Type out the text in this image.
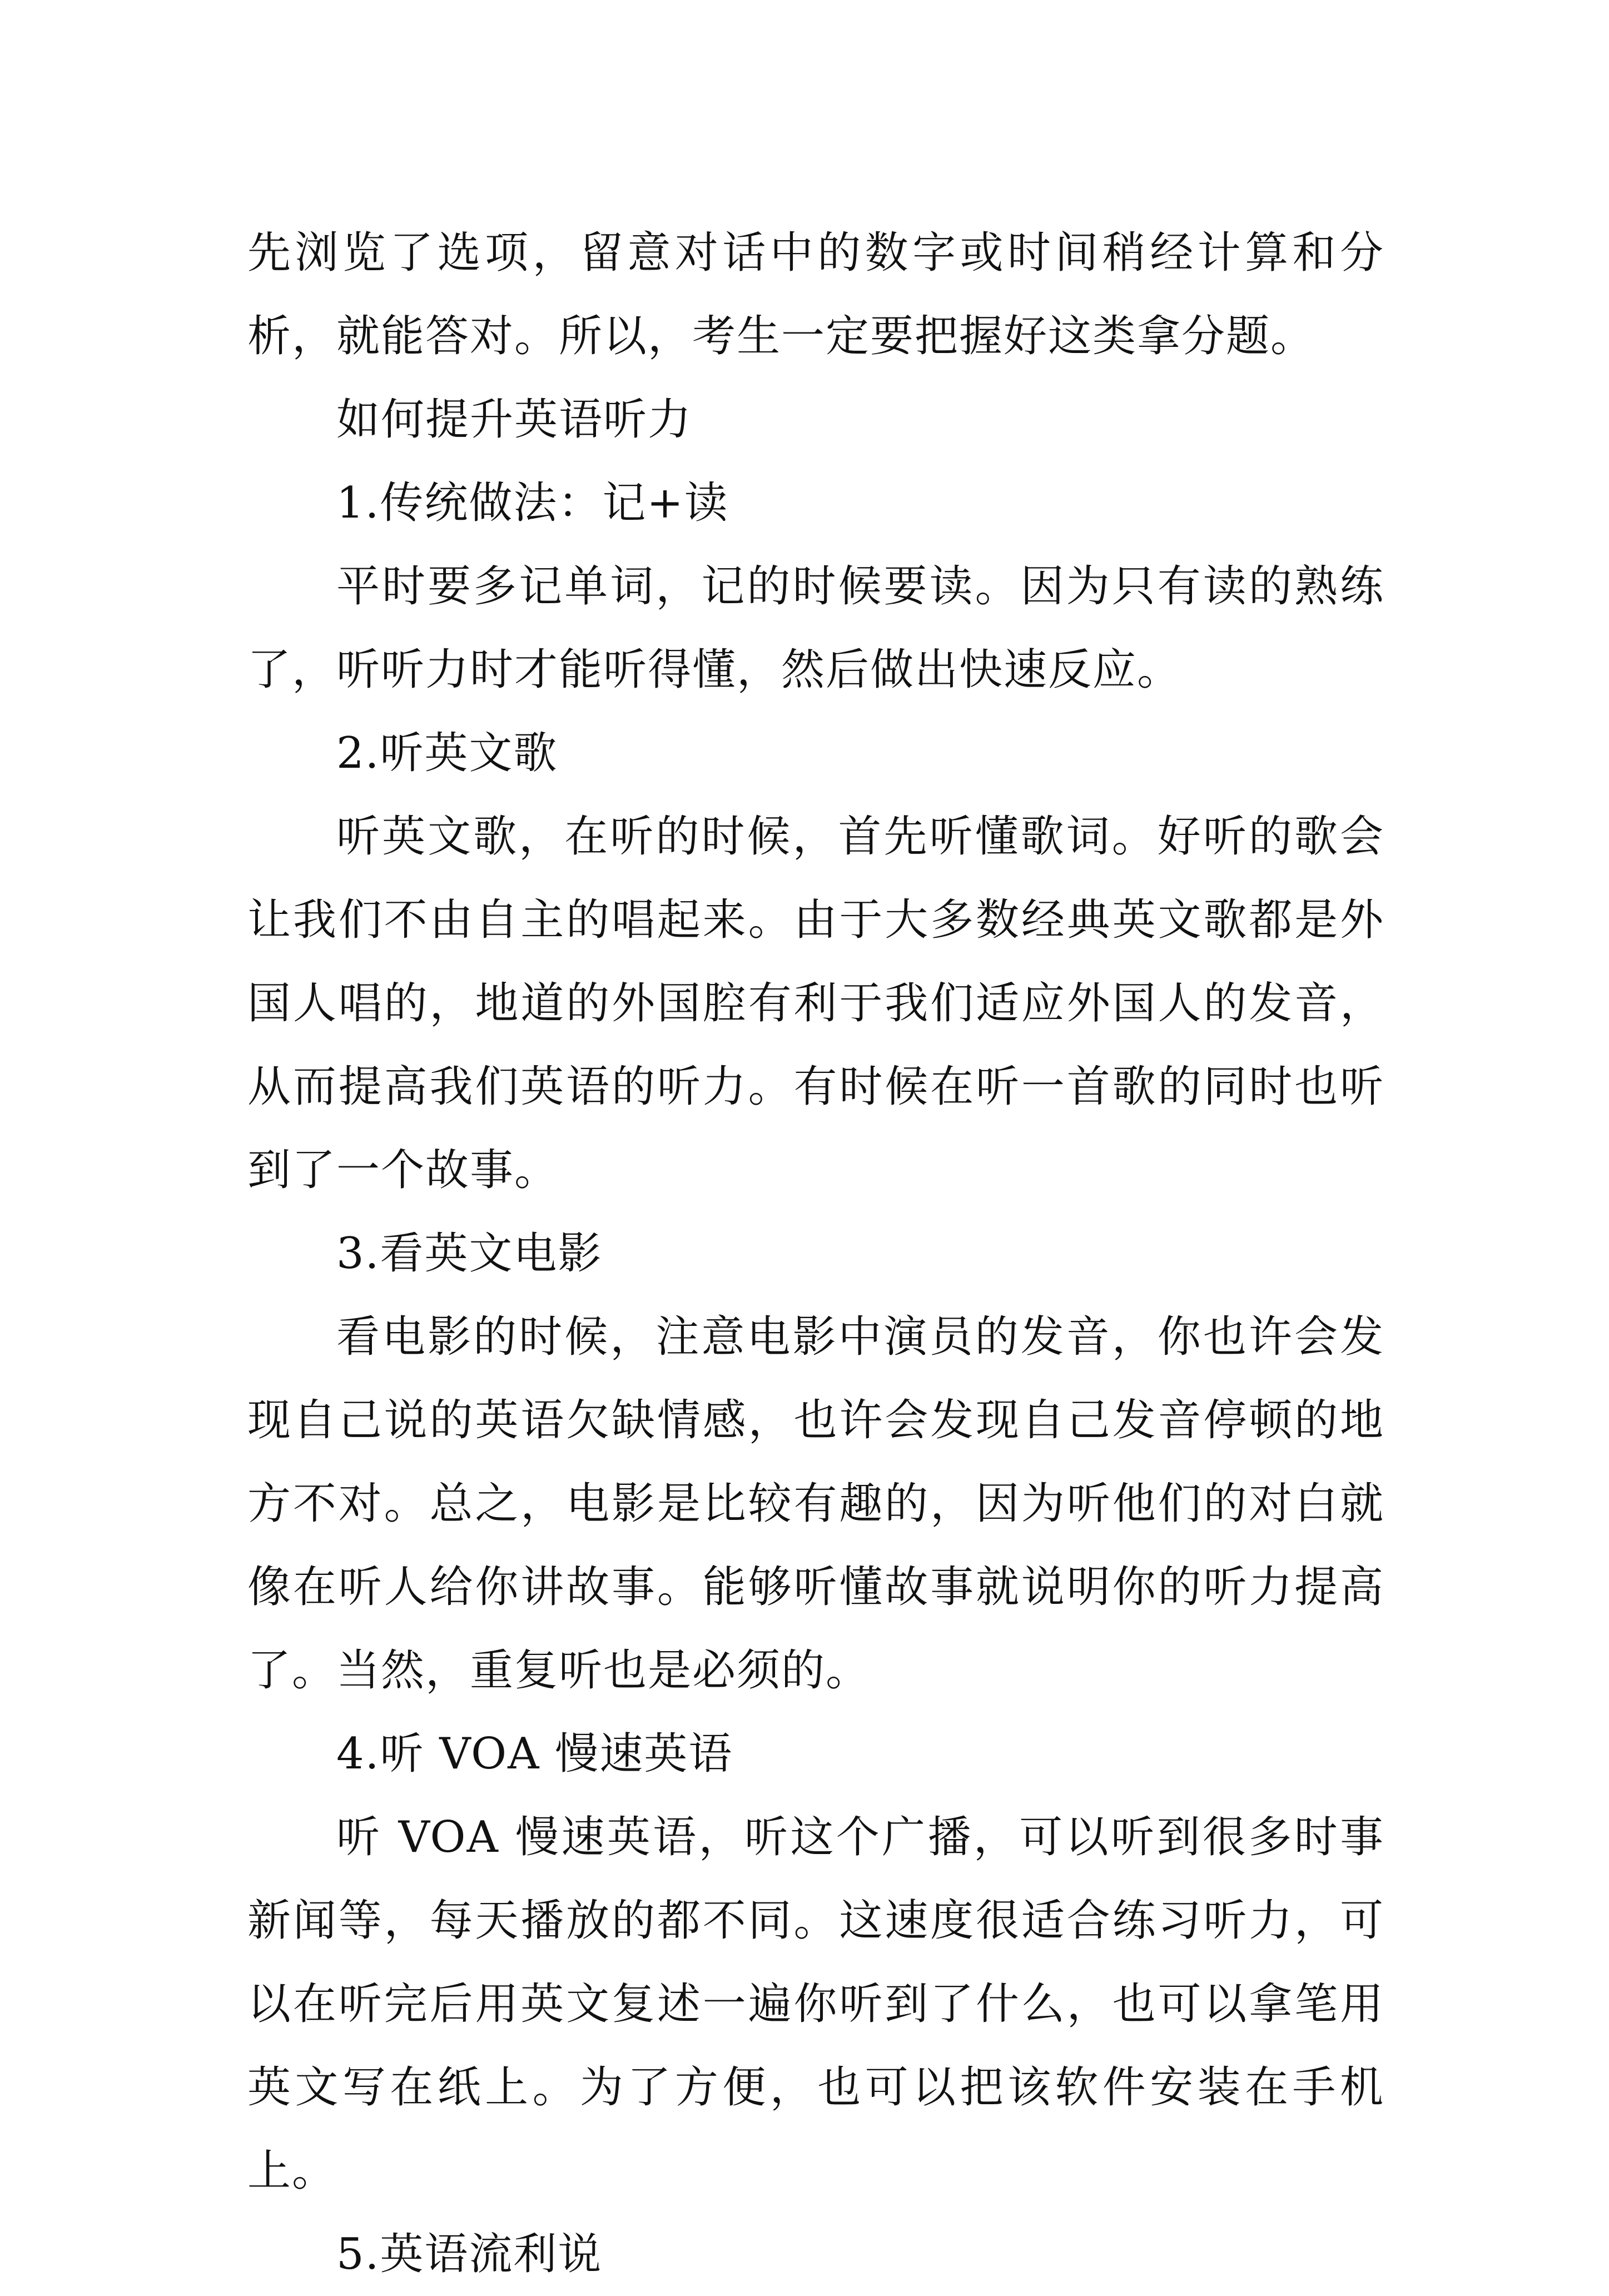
先浏览了选项，留意对话中的数字或时间稍经计算和分析，就能答对。所以，考生一定要把握好这类拿分题。

如何提升英语听力

1.传统做法：记+读

平时要多记单词，记的时候要读。因为只有读的熟练了，听听力时才能听得懂，然后做出快速反应。

2.听英文歌

听英文歌，在听的时候，首先听懂歌词。好听的歌会让我们不由自主的唱起来。由于大多数经典英文歌都是外国人唱的，地道的外国腔有利于我们适应外国人的发音，从而提高我们英语的听力。有时候在听一首歌的同时也听到了一个故事。

3.看英文电影

看电影的时候，注意电影中演员的发音，你也许会发现自己说的英语欠缺情感，也许会发现自己发音停顿的地方不对。总之，电影是比较有趣的，因为听他们的对白就像在听人给你讲故事。能够听懂故事就说明你的听力提高了。当然，重复听也是必须的。

4.听 VOA 慢速英语

听 VOA 慢速英语，听这个广播，可以听到很多时事新闻等，每天播放的都不同。这速度很适合练习听力，可以在听完后用英文复述一遍你听到了什么，也可以拿笔用英文写在纸上。为了方便，也可以把该软件安装在手机上。

5.英语流利说
